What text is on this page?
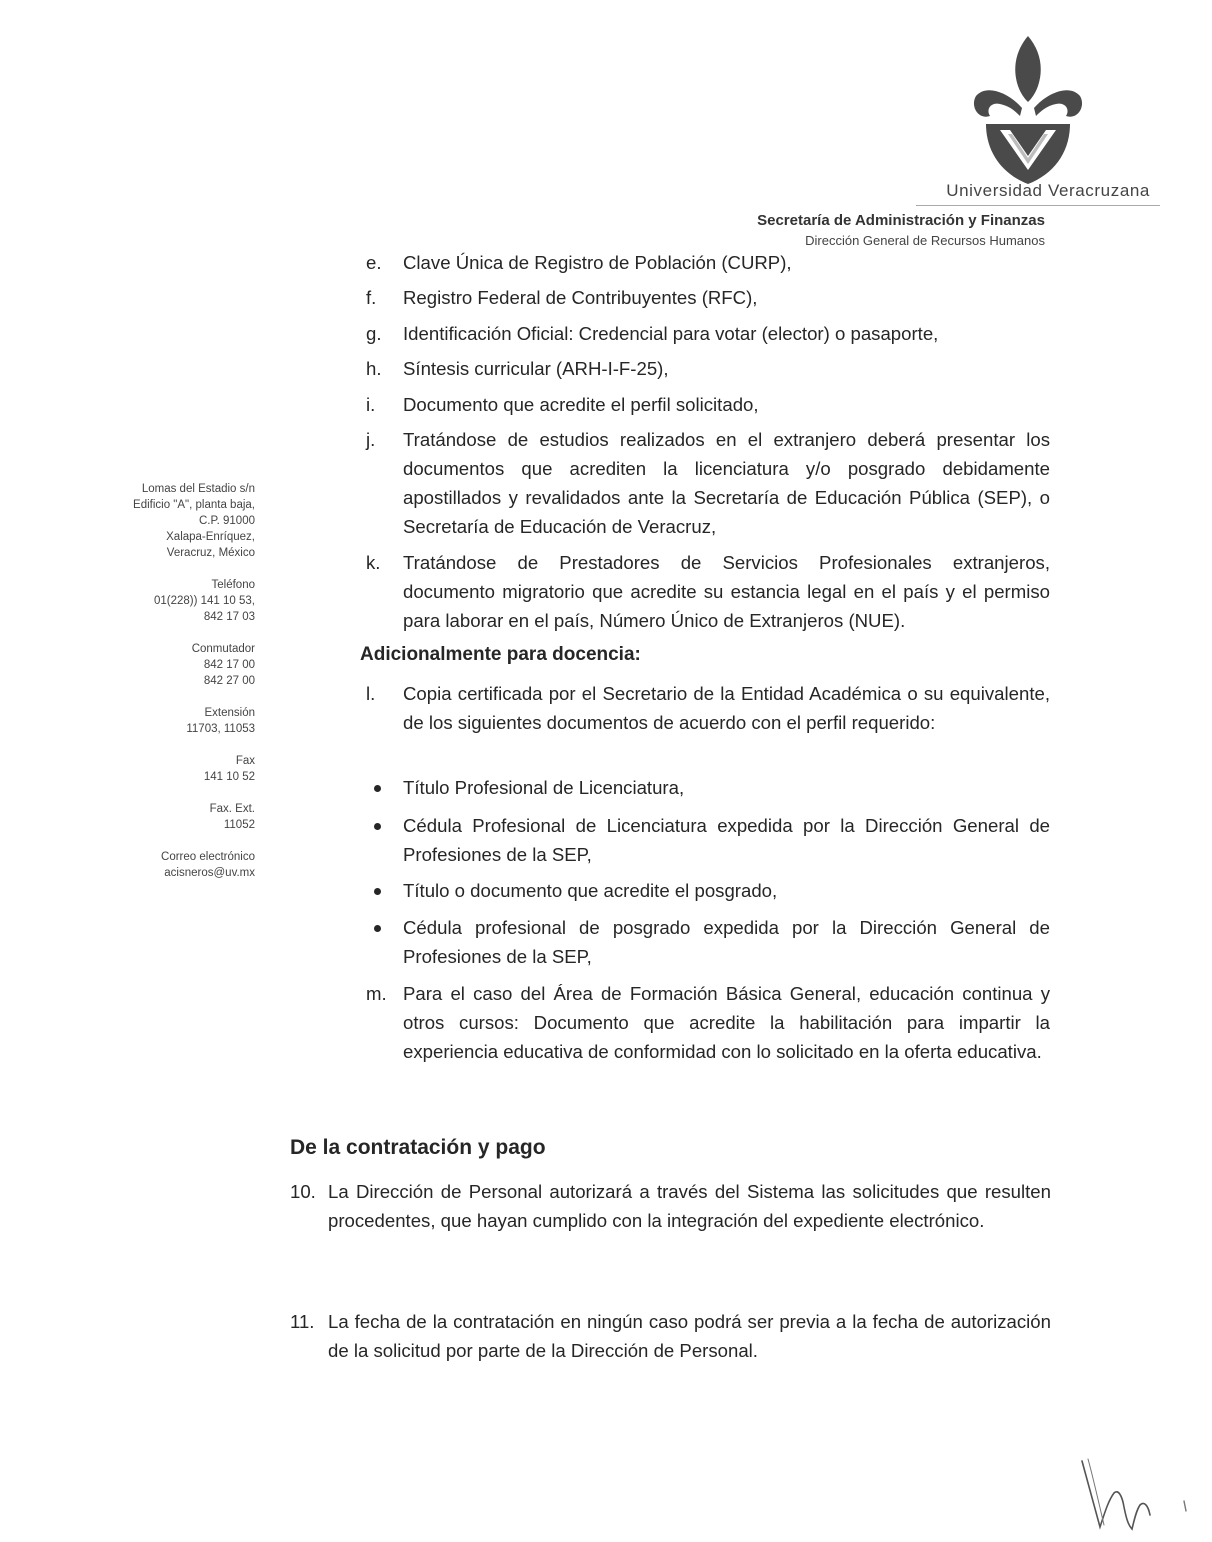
Universidad Veracruzana
Secretaría de Administración y Finanzas
Dirección General de Recursos Humanos
Lomas del Estadio s/n
Edificio "A", planta baja,
C.P. 91000
Xalapa-Enríquez,
Veracruz, México
Teléfono
01(228)) 141 10 53,
842 17 03
Conmutador
842 17 00
842 27 00
Extensión
11703, 11053
Fax
141 10 52
Fax. Ext.
11052
Correo electrónico
acisneros@uv.mx
e.	Clave Única de Registro de Población (CURP),
f.	Registro Federal de Contribuyentes (RFC),
g.	Identificación Oficial: Credencial para votar (elector) o pasaporte,
h.	Síntesis curricular (ARH-I-F-25),
i.	Documento que acredite el perfil solicitado,
j.	Tratándose de estudios realizados en el extranjero deberá presentar los documentos que acrediten la licenciatura y/o posgrado debidamente apostillados y revalidados ante la Secretaría de Educación Pública (SEP), o Secretaría de Educación de Veracruz,
k.	Tratándose de Prestadores de Servicios Profesionales extranjeros, documento migratorio que acredite su estancia legal en el país y el permiso para laborar en el país, Número Único de Extranjeros (NUE).
Adicionalmente para docencia:
l.	Copia certificada por el Secretario de la Entidad Académica o su equivalente, de los siguientes documentos de acuerdo con el perfil requerido:
Título Profesional de Licenciatura,
Cédula Profesional de Licenciatura expedida por la Dirección General de Profesiones de la SEP,
Título o documento que acredite el posgrado,
Cédula profesional de posgrado expedida por la Dirección General de Profesiones de la SEP,
m. Para el caso del Área de Formación Básica General, educación continua y otros cursos: Documento que acredite la habilitación para impartir la experiencia educativa de conformidad con lo solicitado en la oferta educativa.
De la contratación y pago
10. La Dirección de Personal autorizará a través del Sistema las solicitudes que resulten procedentes, que hayan cumplido con la integración del expediente electrónico.
11. La fecha de la contratación en ningún caso podrá ser previa a la fecha de autorización de la solicitud por parte de la Dirección de Personal.
